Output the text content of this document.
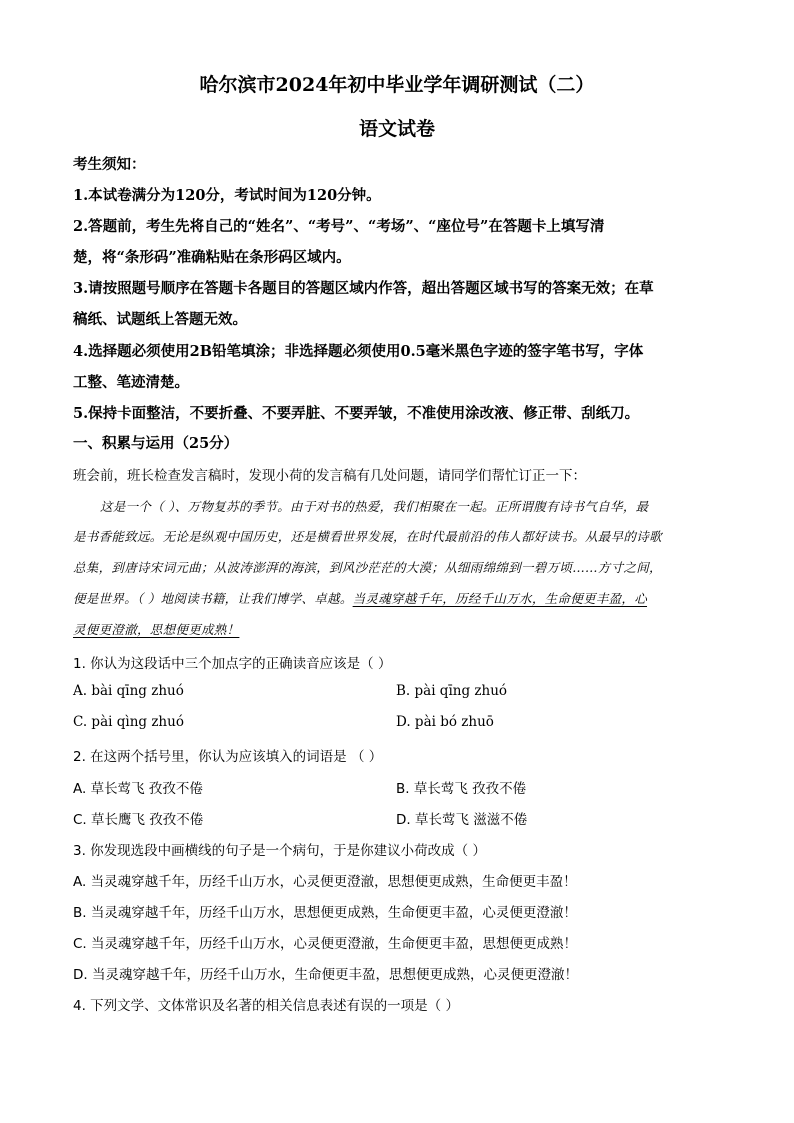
哈尔滨市2024年初中毕业学年调研测试（二）
语文试卷
考生须知：
1.本试卷满分为120分，考试时间为120分钟。
2.答题前，考生先将自己的“姓名”、“考号”、“考场”、“座位号”在答题卡上填写清
楚，将“条形码”准确粘贴在条形码区域内。
3.请按照题号顺序在答题卡各题目的答题区域内作答，超出答题区域书写的答案无效；在草
稿纸、试题纸上答题无效。
4.选择题必须使用2B铅笔填涂；非选择题必须使用0.5毫米黑色字迹的签字笔书写，字体
工整、笔迹清楚。
5.保持卡面整洁，不要折叠、不要弄脏、不要弄皱，不准使用涂改液、修正带、刮纸刀。
一、积累与运用（25分）
班会前，班长检查发言稿时，发现小荷的发言稿有几处问题，请同学们帮忙订正一下：
这是一个（ ）、万物复苏的季节。由于对书的热爱，我们相聚在一起。正所谓腹有诗书气自华，最
是书香能致远。无论是纵观中国历史，还是横看世界发展，在时代最前沿的伟人都好读书。从最早的诗歌
总集，到唐诗宋词元曲；从波涛澎湃的海滨，到风沙茫茫的大漠；从细雨绵绵到一碧万顷……方寸之间，
便是世界。（ ）地阅读书籍，让我们博学、卓越。当灵魂穿越千年，历经千山万水，生命便更丰盈，心
灵便更澄澈，思想便更成熟！
1. 你认为这段话中三个加点字的正确读音应该是（ ）
A. bài qīng zhuó	B. pài qīng zhuó
C. pài qìng zhuó	D. pài bó zhuō
2. 在这两个括号里，你认为应该填入的词语是 （ ）
A. 草长莺飞 孜孜不倦	B. 草长莺飞 孜孜不倦
C. 草长鹰飞 孜孜不倦	D. 草长莺飞 滋滋不倦
3. 你发现选段中画横线的句子是一个病句，于是你建议小荷改成（ ）
A. 当灵魂穿越千年，历经千山万水，心灵便更澄澈，思想便更成熟，生命便更丰盈！
B. 当灵魂穿越千年，历经千山万水，思想便更成熟，生命便更丰盈，心灵便更澄澈！
C. 当灵魂穿越千年，历经千山万水，心灵便更澄澈，生命便更丰盈，思想便更成熟！
D. 当灵魂穿越千年，历经千山万水，生命便更丰盈，思想便更成熟，心灵便更澄澈！
4. 下列文学、文体常识及名著的相关信息表述有误的一项是（ ）
